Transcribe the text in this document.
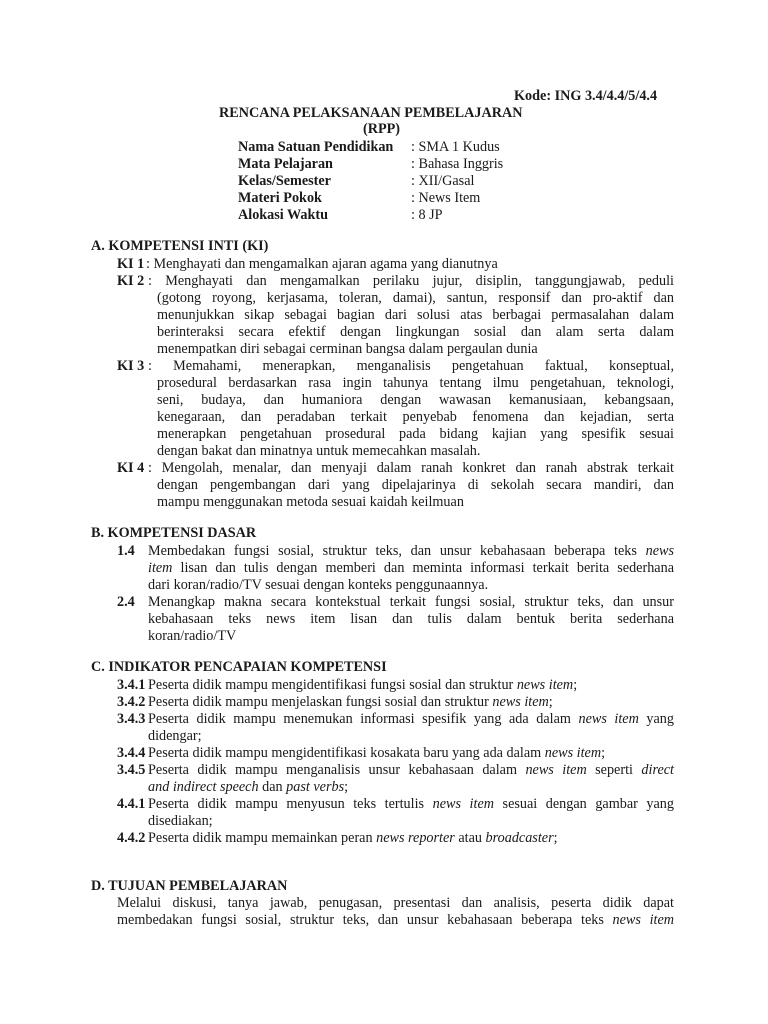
Kode: ING 3.4/4.4/5/4.4
RENCANA PELAKSANAAN PEMBELAJARAN
(RPP)
Nama Satuan Pendidikan : SMA 1 Kudus
Mata Pelajaran	: Bahasa Inggris
Kelas/Semester	: XII/Gasal
Materi Pokok	: News Item
Alokasi Waktu	: 8 JP
A. KOMPETENSI INTI (KI)
KI 1 : Menghayati dan mengamalkan ajaran agama yang dianutnya
KI 2 : Menghayati dan mengamalkan perilaku jujur, disiplin, tanggungjawab, peduli
(gotong royong, kerjasama, toleran, damai), santun, responsif dan pro-aktif dan
menunjukkan sikap sebagai bagian dari solusi atas berbagai permasalahan dalam
berinteraksi secara efektif dengan lingkungan sosial dan alam serta dalam
menempatkan diri sebagai cerminan bangsa dalam pergaulan dunia
KI 3 : Memahami, menerapkan, menganalisis pengetahuan faktual, konseptual,
prosedural berdasarkan rasa ingin tahunya tentang ilmu pengetahuan, teknologi,
seni, budaya, dan humaniora dengan wawasan kemanusiaan, kebangsaan,
kenegaraan, dan peradaban terkait penyebab fenomena dan kejadian, serta
menerapkan pengetahuan prosedural pada bidang kajian yang spesifik sesuai
dengan bakat dan minatnya untuk memecahkan masalah.
KI 4 : Mengolah, menalar, dan menyaji dalam ranah konkret dan ranah abstrak terkait
dengan pengembangan dari yang dipelajarinya di sekolah secara mandiri, dan
mampu menggunakan metoda sesuai kaidah keilmuan
B. KOMPETENSI DASAR
1.4 Membedakan fungsi sosial, struktur teks, dan unsur kebahasaan beberapa teks news
item lisan dan tulis dengan memberi dan meminta informasi terkait berita sederhana
dari koran/radio/TV sesuai dengan konteks penggunaannya.
2.4 Menangkap makna secara kontekstual terkait fungsi sosial, struktur teks, dan unsur
kebahasaan teks news item lisan dan tulis dalam bentuk berita sederhana
koran/radio/TV
C. INDIKATOR PENCAPAIAN KOMPETENSI
3.4.1 Peserta didik mampu mengidentifikasi fungsi sosial dan struktur news item;
3.4.2 Peserta didik mampu menjelaskan fungsi sosial dan struktur news item;
3.4.3 Peserta didik mampu menemukan informasi spesifik yang ada dalam news item yang
didengar;
3.4.4 Peserta didik mampu mengidentifikasi kosakata baru yang ada dalam news item;
3.4.5 Peserta didik mampu menganalisis unsur kebahasaan dalam news item seperti direct
and indirect speech dan past verbs;
4.4.1 Peserta didik mampu menyusun teks tertulis news item sesuai dengan gambar yang
disediakan;
4.4.2 Peserta didik mampu memainkan peran news reporter atau broadcaster;
D. TUJUAN PEMBELAJARAN
Melalui diskusi, tanya jawab, penugasan, presentasi dan analisis, peserta didik dapat
membedakan fungsi sosial, struktur teks, dan unsur kebahasaan beberapa teks news item
